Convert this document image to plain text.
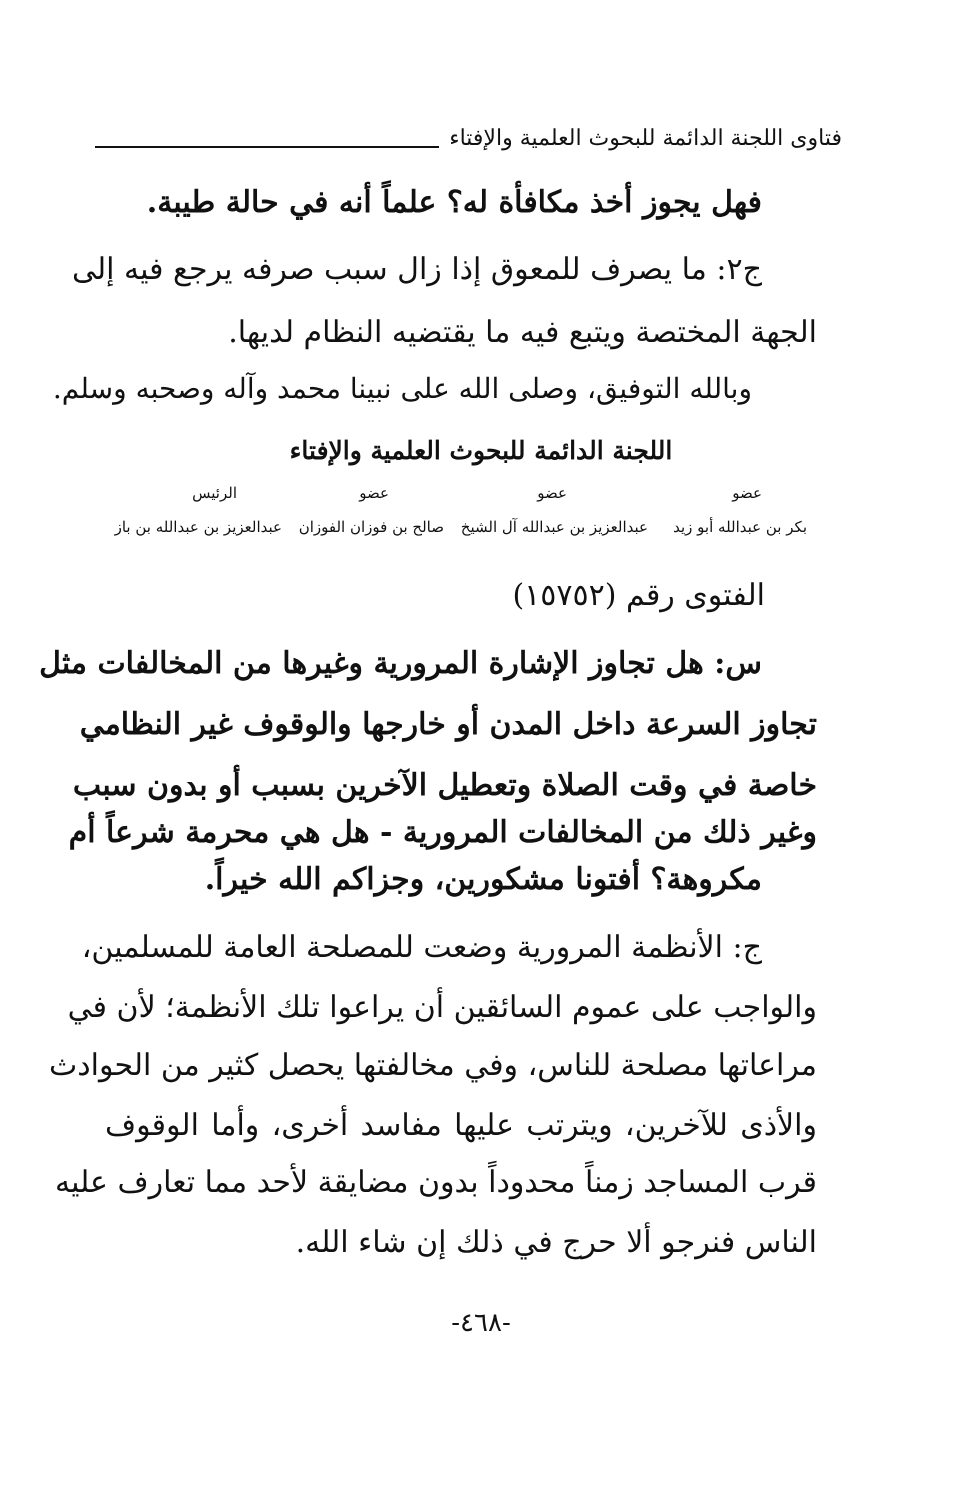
فتاوى اللجنة الدائمة للبحوث العلمية والإفتاء
فهل يجوز أخذ مكافأة له؟ علماً أنه في حالة طيبة.
ج٢: ما يصرف للمعوق إذا زال سبب صرفه يرجع فيه إلى
الجهة المختصة ويتبع فيه ما يقتضيه النظام لديها.
وبالله التوفيق، وصلى الله على نبينا محمد وآله وصحبه وسلم.
اللجنة الدائمة للبحوث العلمية والإفتاء
عضو
عضو
عضو
الرئيس
بكر بن عبدالله أبو زيد
عبدالعزيز بن عبدالله آل الشيخ
صالح بن فوزان الفوزان
عبدالعزيز بن عبدالله بن باز
الفتوى رقم (١٥٧٥٢)
س: هل تجاوز الإشارة المرورية وغيرها من المخالفات مثل
تجاوز السرعة داخل المدن أو خارجها والوقوف غير النظامي
خاصة في وقت الصلاة وتعطيل الآخرين بسبب أو بدون سبب
وغير ذلك من المخالفات المرورية - هل هي محرمة شرعاً أم
مكروهة؟ أفتونا مشكورين، وجزاكم الله خيراً.
ج: الأنظمة المرورية وضعت للمصلحة العامة للمسلمين،
والواجب على عموم السائقين أن يراعوا تلك الأنظمة؛ لأن في
مراعاتها مصلحة للناس، وفي مخالفتها يحصل كثير من الحوادث
والأذى للآخرين، ويترتب عليها مفاسد أخرى، وأما الوقوف
قرب المساجد زمناً محدوداً بدون مضايقة لأحد مما تعارف عليه
الناس فنرجو ألا حرج في ذلك إن شاء الله.
-٤٦٨-
